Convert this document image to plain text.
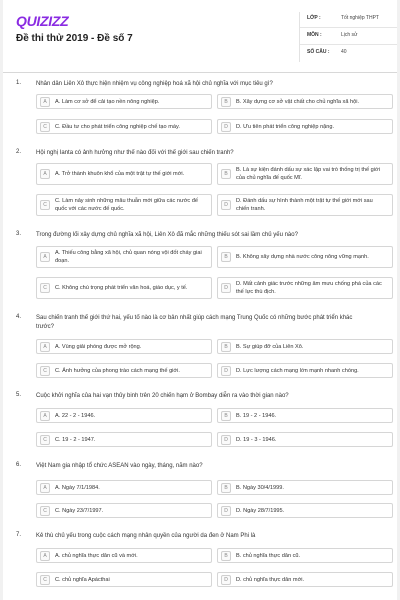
QUIZIZZ
Đề thi thử 2019 - Đề số 7
LỚP :	Tốt nghiệp THPT
MÔN :	Lịch sử
SỐ CÂU : 40
1. Nhân dân Liên Xô thực hiện nhiệm vụ công nghiệp hoá xã hội chủ nghĩa với mục tiêu gì?
A	A. Làm cơ sở để cải tạo nền nông nghiệp.	B	B. Xây dựng cơ sở vật chất cho chủ nghĩa xã hội.
C	C. Đầu tư cho phát triển công nghiệp chế tạo máy.	D	D. Ưu tiên phát triển công nghiệp nặng.
2. Hội nghị Ianta có ảnh hưởng như thế nào đối với thế giới sau chiến tranh?
A	A. Trở thành khuôn khổ của một trật tự thế giới mới.	B
B. Là sự kiện đánh dấu sự xác lập vai trò thống trị thế giới của chủ nghĩa đế quốc Mĩ.
C
C. Làm nảy sinh những mâu thuẫn mới giữa các nước đế quốc với các nước đế quốc.
D
D. Đánh dấu sự hình thành một trật tự thế giới mới sau chiến tranh.
3. Trong đường lối xây dựng chủ nghĩa xã hội, Liên Xô đã mắc những thiếu sót sai lầm chủ yếu nào?
A
A. Thiếu công bằng xã hội, chủ quan nóng vội đốt cháy giai đoạn.
B	B. Không xây dựng nhà nước công nông vững mạnh.
C	C. Không chú trọng phát triển văn hoá, giáo dục, y tế.	D
D. Mất cảnh giác trước những âm mưu chống phá của các thế lực thù địch.
4. Sau chiến tranh thế giới thứ hai, yếu tố nào là cơ bản nhất giúp cách mạng Trung Quốc có những bước phát triển khác trước?
A	A. Vùng giải phóng được mở rộng.	B	B. Sự giúp đỡ của Liên Xô.
C	C. Ảnh hưởng của phong trào cách mạng thế giới.	D	D. Lực lượng cách mạng lớn mạnh nhanh chóng.
5. Cuộc khởi nghĩa của hai vạn thủy binh trên 20 chiến hạm ở Bombay diễn ra vào thời gian nào?
A	A. 22 - 2 - 1946.	B	B. 19 - 2 - 1946.
C	C. 19 - 2 - 1947.	D	D. 19 - 3 - 1946.
6. Việt Nam gia nhập tổ chức ASEAN vào ngày, tháng, năm nào?
A	A. Ngày 7/1/1984.	B	B. Ngày 30/4/1999.
C	C. Ngày 23/7/1997.	D	D. Ngày 28/7/1995.
7. Kẻ thù chủ yếu trong cuộc cách mạng nhân quyền của người da đen ở Nam Phi là
A	A. chủ nghĩa thực dân cũ và mới.	B	B. chủ nghĩa thực dân cũ.
C	C. chủ nghĩa Apácthai	D	D. chủ nghĩa thực dân mới.
